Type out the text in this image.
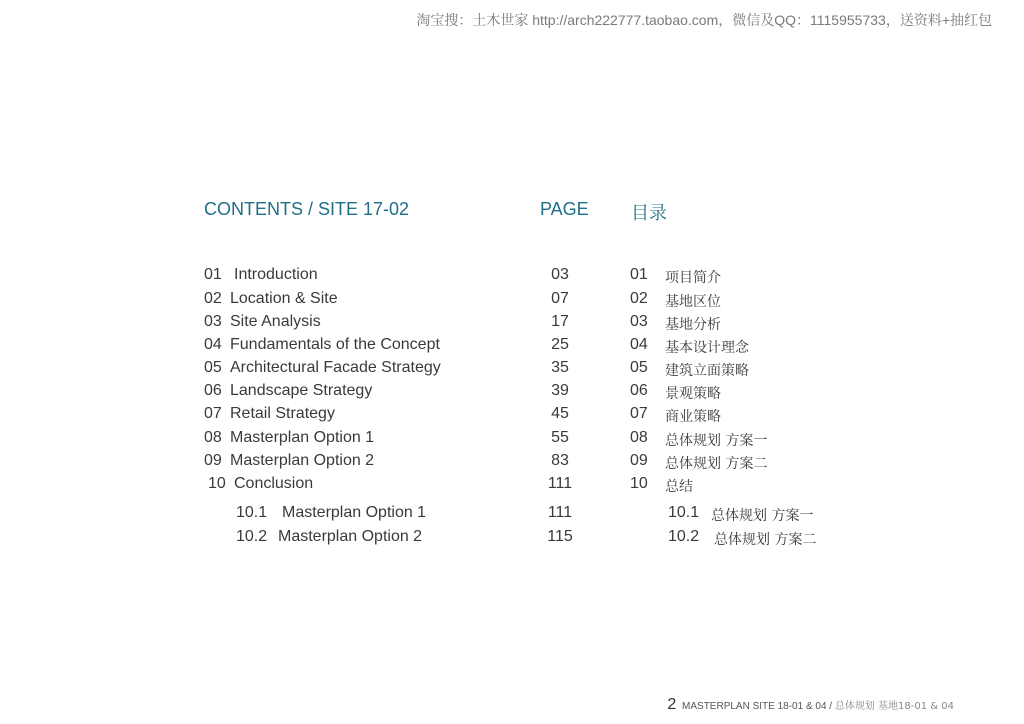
淘宝搜：土木世家 http://arch222777.taobao.com，微信及QQ：1115955733，送资料+抽红包
CONTENTS / SITE 17-02	PAGE 目录
01 Introduction	03	01 项目简介
02 Location & Site	07	02 基地区位
03 Site Analysis	17	03 基地分析
04 Fundamentals of the Concept	25	04 基本设计理念
05 Architectural Facade Strategy	35	05 建筑立面策略
06 Landscape Strategy	39	06 景观策略
07 Retail Strategy	45	07 商业策略
08 Masterplan Option 1	55	08 总体规划 方案一
09 Masterplan Option 2	83	09 总体规划 方案二
10 Conclusion	111	10 总结
10.1 Masterplan Option 1	111	10.1 总体规划 方案一
10.2 Masterplan Option 2	115	10.2 总体规划 方案二
2 MASTERPLAN SITE 18-01 & 04 / 总体规划 基地18-01 & 04
